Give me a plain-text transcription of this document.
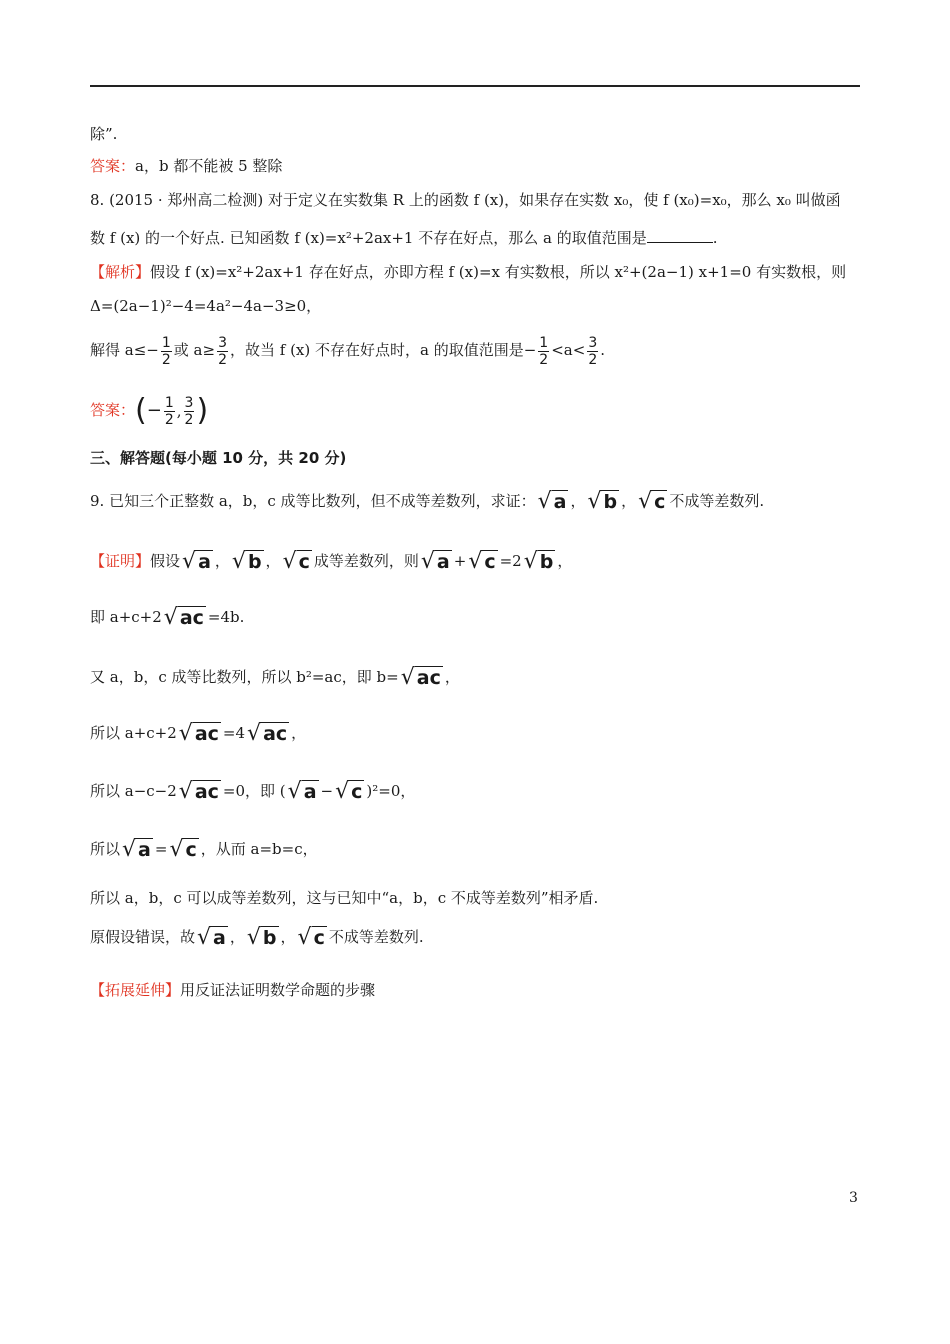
除”.
答案：a，b 都不能被 5 整除
8. (2015 · 郑州高二检测) 对于定义在实数集 R 上的函数 f (x)，如果存在实数 x₀，使 f (x₀)=x₀，那么 x₀ 叫做函
数 f (x) 的一个好点. 已知函数 f (x)=x²+2ax+1 不存在好点，那么 a 的取值范围是	.
【解析】假设 f (x)=x²+2ax+1 存在好点，亦即方程 f (x)=x 有实数根，所以 x²+(2a−1) x+1=0 有实数根，则
Δ=(2a−1)²−4=4a²−4a−3≥0，
解得 $a\le- \frac{1}{2}$ 或 $a\ge \frac{3}{2}$ ，故当 f (x) 不存在好点时，a 的取值范围是− $\frac{1}{2} <a< \frac{3}{2}$ .
答案：(− $\frac{1}{2}$ , $\frac{3}{2}$ )
三、解答题(每小题 10 分，共 20 分)
9. 已知三个正整数 a，b，c 成等比数列，但不成等差数列，求证：√ a ，√ b ，√ c 不成等差数列.
【证明】假设√ a ，√ b ，√ c 成等差数列，则√ a +√ c =2√ b ，
即 a+c+2√ ac =4b.
又 a，b，c 成等比数列，所以 b²=ac，即 b=√ ac ，
所以 a+c+2√ ac =4√ ac ，
所以 a−c−2√ ac =0，即 (√ a −√ c )²=0，
所以√ a =√ c ，从而 a=b=c，
所以 a，b，c 可以成等差数列，这与已知中“a，b，c 不成等差数列”相矛盾.
原假设错误，故√ a ，√ b ，√ c 不成等差数列.
【拓展延伸】用反证法证明数学命题的步骤
3
